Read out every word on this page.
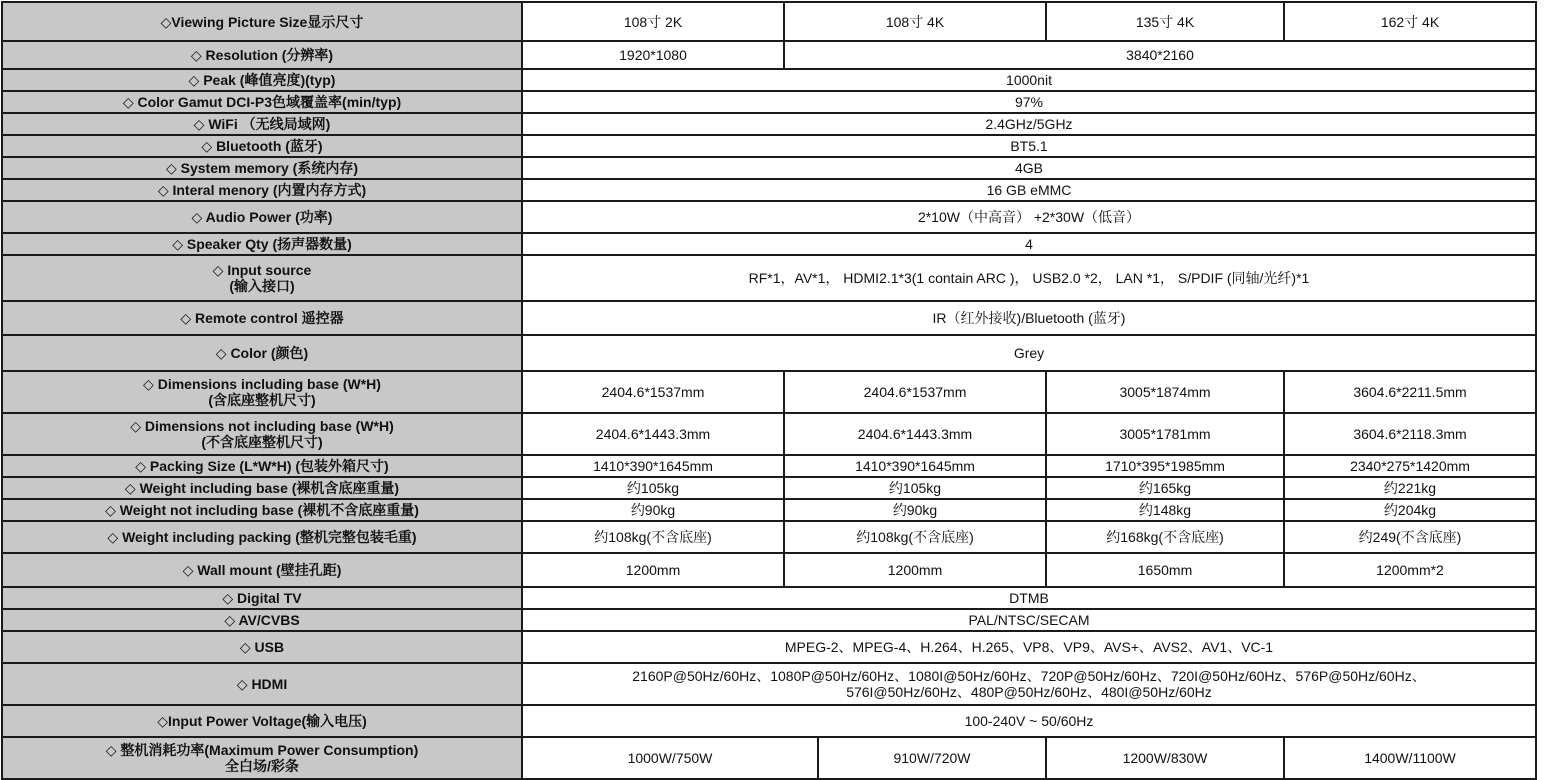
◇Viewing Picture Size显示尺寸	108寸 2K	108寸 4K	135寸 4K	162寸 4K
◇ Resolution (分辨率)	1920*1080	3840*2160
◇ Peak (峰值亮度)(typ)	1000nit
◇ Color Gamut DCI-P3色域覆盖率(min/typ)	97%
◇ WiFi （无线局域网)	2.4GHz/5GHz
◇ Bluetooth (蓝牙)	BT5.1
◇ System memory (系统内存)	4GB
◇ Interal menory (内置内存方式)	16 GB eMMC
◇ Audio Power (功率)	2*10W（中高音） +2*30W（低音）
◇ Speaker Qty (扬声器数量)	4
◇ Input source
(输入接口)	RF*1，AV*1， HDMI2.1*3(1 contain ARC )， USB2.0 *2， LAN *1， S/PDIF (同轴/光纤)*1
◇ Remote control 遥控器	IR（红外接收)/Bluetooth (蓝牙)
◇ Color (颜色)	Grey
◇ Dimensions including base (W*H)
(含底座整机尺寸)	2404.6*1537mm	2404.6*1537mm	3005*1874mm	3604.6*2211.5mm
◇ Dimensions not including base (W*H)
(不含底座整机尺寸)	2404.6*1443.3mm	2404.6*1443.3mm	3005*1781mm	3604.6*2118.3mm
◇ Packing Size (L*W*H) (包装外箱尺寸)	1410*390*1645mm	1410*390*1645mm	1710*395*1985mm	2340*275*1420mm
◇ Weight including base (裸机含底座重量)	约105kg	约105kg	约165kg	约221kg
◇ Weight not including base (裸机不含底座重量)	约90kg	约90kg	约148kg	约204kg
◇ Weight including packing (整机完整包装毛重)	约108kg(不含底座)	约108kg(不含底座)	约168kg(不含底座)	约249(不含底座)
◇ Wall mount (壁挂孔距)	1200mm	1200mm	1650mm	1200mm*2
◇ Digital TV	DTMB
◇ AV/CVBS	PAL/NTSC/SECAM
◇ USB	MPEG-2、MPEG-4、H.264、H.265、VP8、VP9、AVS+、AVS2、AV1、VC-1
◇ HDMI	2160P@50Hz/60Hz、1080P@50Hz/60Hz、1080I@50Hz/60Hz、720P@50Hz/60Hz、720I@50Hz/60Hz、576P@50Hz/60Hz、
576I@50Hz/60Hz、480P@50Hz/60Hz、480I@50Hz/60Hz
◇Input Power Voltage(输入电压)	100-240V ~ 50/60Hz
◇ 整机消耗功率(Maximum Power Consumption)
全白场/彩条	1000W/750W	910W/720W	1200W/830W	1400W/1100W
